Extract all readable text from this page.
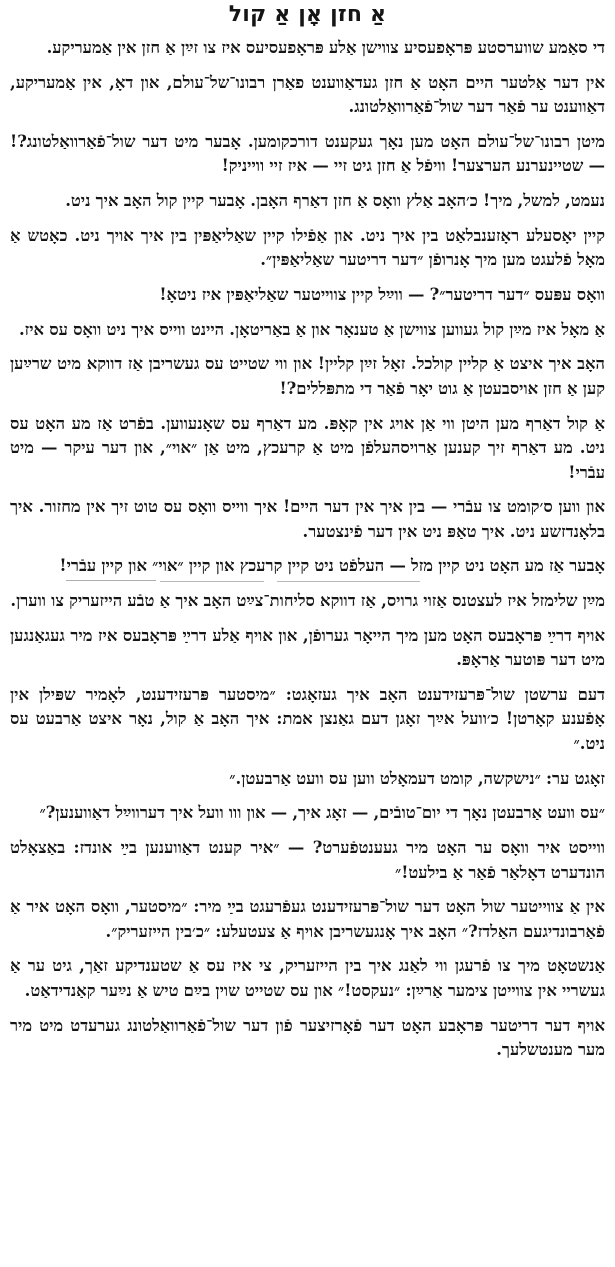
אַ חזן אָן אַ קול

די סאַמע שווערסטע פּראָפעסיע צווישן אַלע פּראָפעסיעס איז צו זײַן אַ חזן אין אַמעריקע.

אין דער אַלטער היים האָט אַ חזן געדאַווענט פאַרן רבונו־של־עולם, און דאָ, אין אַמעריקע, דאַווענט ער פֿאַר דער שול־פֿאַרוואַלטונג.

מיטן רבונו־של־עולם האָט מען נאָך געקענט דורכקומען. אָבער מיט דער שול־פֿאַרוואַלטונג?! — שטיינערנע הערצער! וויפֿל אַ חזן גיט זיי — איז זיי ווייניק!

נעמט, למשל, מיך! כ׳האָב אַלץ וואָס אַ חזן דאַרף האָבן. אָבער קיין קול האָב איך ניט.

קיין יאָסעלע ראָזענבלאַט בין איך ניט. און אַפֿילו קיין שאַליאַפּין בין איך אויך ניט. כאָטש אַ מאָל פֿלעגט מען מיך אָנרופֿן ״דער דריטער שאַליאַפּין״.

וואָס עפּעס ״דער דריטער״? — ווײַל קיין צווייטער שאַליאַפּין איז ניטאָ!

אַ מאָל איז מײַן קול געווען צווישן אַ טענאָר און אַ באַריטאָן. היינט ווייס איך ניט וואָס עס איז.

האָב איך איצט אַ קליין קולכל. זאָל זײַן קליין! און ווי שטייט עס געשריבן אַז דווקא מיט שרײַען קען אַ חזן אויסבעטן אַ גוט יאָר פֿאַר די מתפּללים?!

אַ קול דאַרף מען היטן ווי אַן אויג אין קאָפּ. מע דאַרף עס שאָנעווען. בפֿרט אַז מע האָט עס ניט. מע דאַרף זיך קענען אַרויסהעלפֿן מיט אַ קרעכץ, מיט אַן ״אוי״, און דער עיקר — מיט עבֿרי!

און ווען ס׳קומט צו עבֿרי — בין איך אין דער היים! איך ווייס וואָס עס טוט זיך אין מחזור. איך בלאָנדזשע ניט. איך טאַפּ ניט אין דער פֿינצטער.

אָבער אַז מע האָט ניט קיין מזל — העלפֿט ניט קיין קרעכץ און קיין ״אוי״ און קיין עבֿרי!

מײַן שלימזל איז לעצטנס אַזוי גרויס, אַז דווקא סליחות־צײַט האָב איך אַ טבֿע הייזעריק צו ווערן.

אויף דרײַ פּראָבעס האָט מען מיך הייאָר גערופֿן, און אויף אַלע דרײַ פּראָבעס איז מיר געגאַנגען מיט דער פּוטער אַראָפּ.

דעם ערשטן שול־פּרעזידענט האָב איך געזאָגט: ״מיסטער פּרעזידענט, לאָמיר שפּילן אין אָפֿענע קאָרטן! כ׳וועל אײַך זאָגן דעם גאַנצן אמת: איך האָב אַ קול, נאָר איצט אַרבעט עס ניט.״

זאָגט ער: ״נישקשה, קומט דעמאָלט ווען עס וועט אַרבעטן.״

״עס וועט אַרבעטן נאָך די יום־טובֿים, — זאָג איך, — און ווו וועל איך דערווײַל דאַווענען?״

ווייסט איר וואָס ער האָט מיר געענטפֿערט? — ״איר קענט דאַווענען בײַ אונדז: באַצאָלט הונדערט דאָלאַר פֿאַר אַ בילעט!״

אין אַ צווייטער שול האָט דער שול־פּרעזידענט געפֿרעגט בײַ מיר: ״מיסטער, וואָס האָט איר אַ פֿאַרבונדיגעם האַלדז?״ האָב איך אָנגעשריבן אויף אַ צעטעלע: ״כ׳בין הייזעריק״.

אַנשטאָט מיך צו פֿרעגן ווי לאַנג איך בין הייזעריק, צי איז עס אַ שטענדיקע זאַך, גיט ער אַ געשריי אין צווייטן צימער אַרײַן: ״נעקסט!״ און עס שטייט שוין בײַם טיש אַ נײַער קאַנדידאַט.

אויף דער דריטער פּראָבע האָט דער פֿאָרזיצער פֿון דער שול־פֿאַרוואַלטונג גערעדט מיט מיר מער מענטשלעך.
